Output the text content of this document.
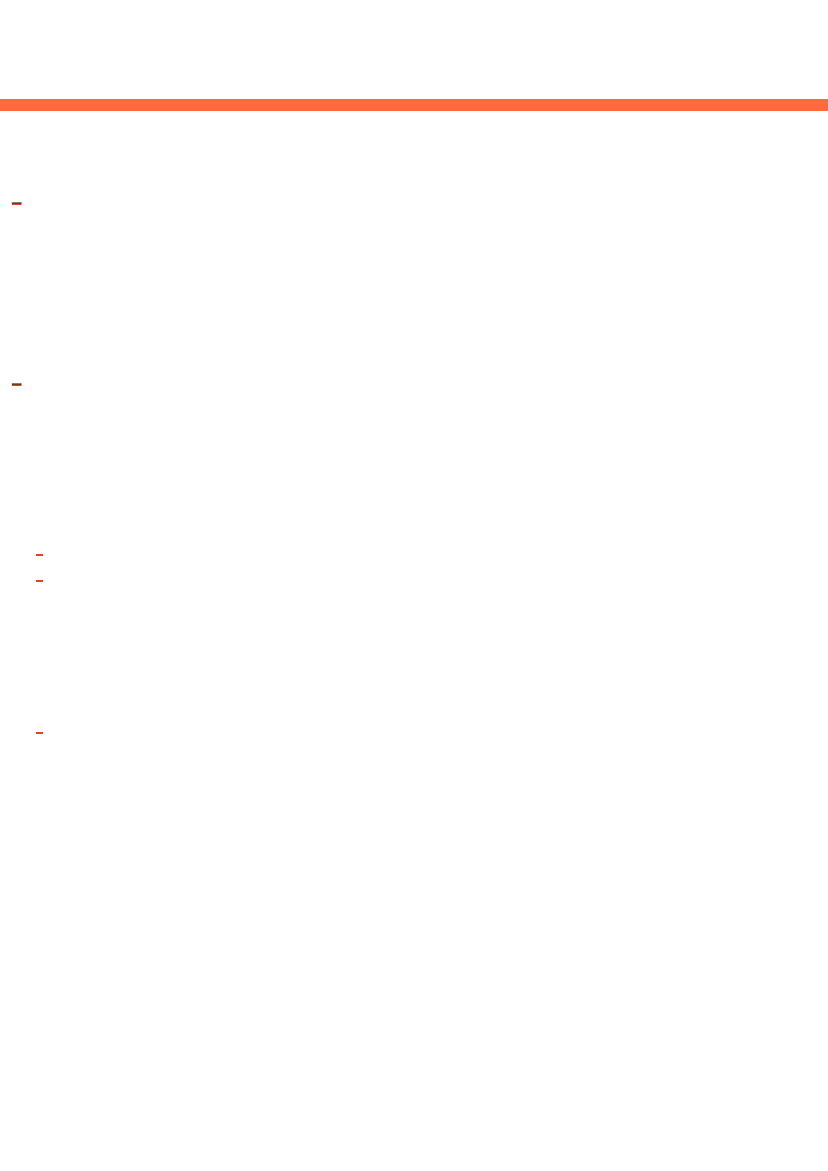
_
_
